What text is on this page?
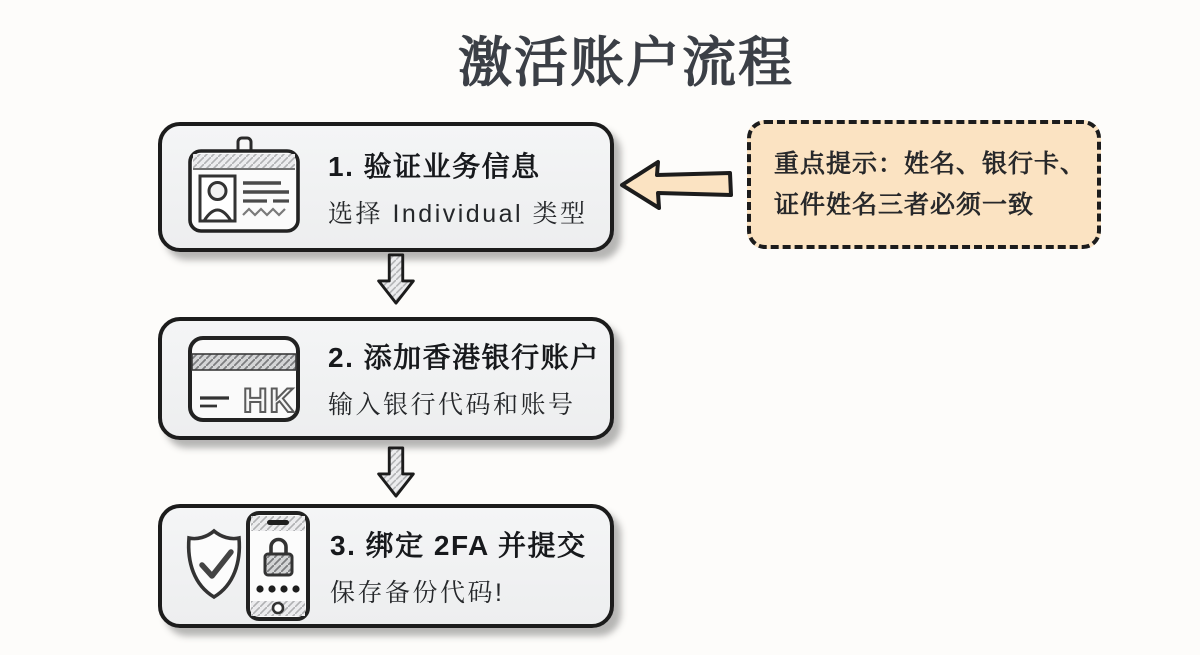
激活账户流程
1. 验证业务信息
选择 Individual 类型
HK
2. 添加香港银行账户
输入银行代码和账号
3. 绑定 2FA 并提交
保存备份代码!
重点提示：姓名、银行卡、
证件姓名三者必须一致
